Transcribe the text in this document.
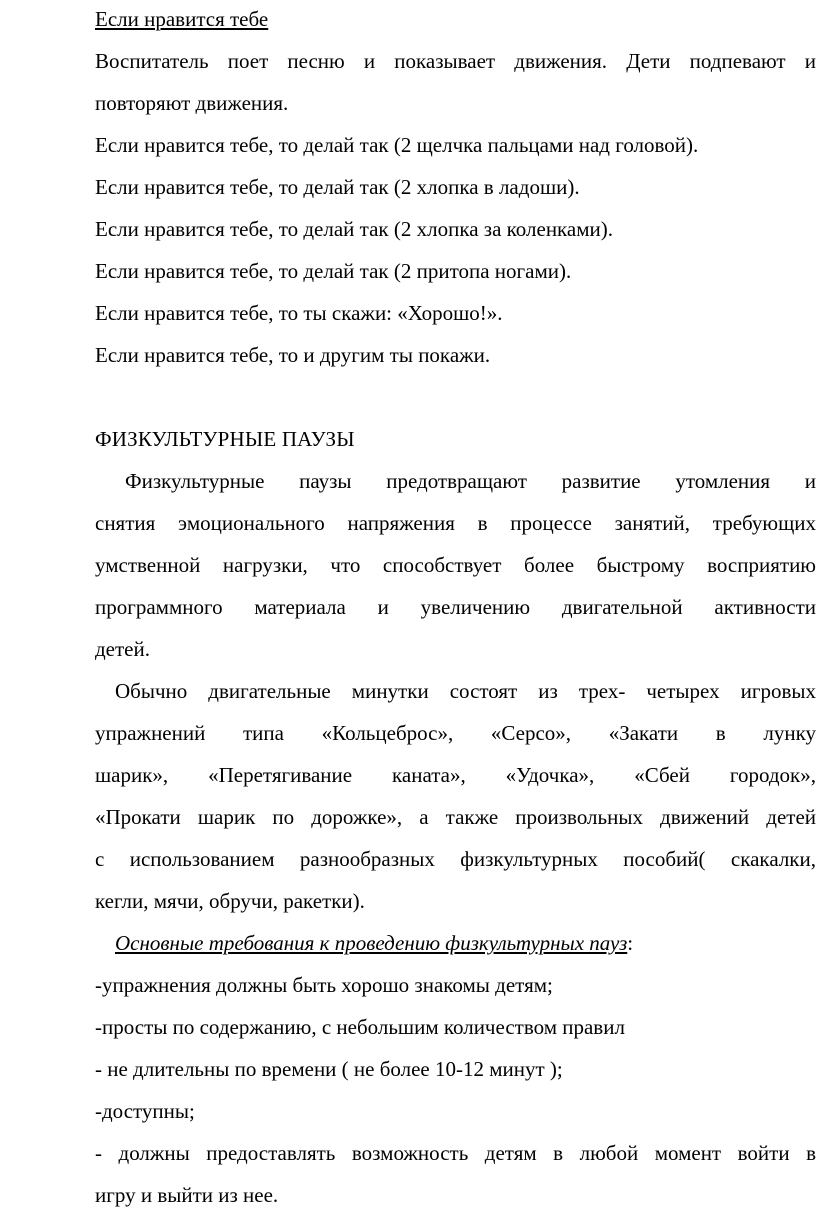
Если нравится тебе
Воспитатель поет песню и показывает движения. Дети подпевают и
повторяют движения.
Если нравится тебе, то делай так (2 щелчка пальцами над головой).
Если нравится тебе, то делай так (2 хлопка в ладоши).
Если нравится тебе, то делай так (2 хлопка за коленками).
Если нравится тебе, то делай так (2 притопа ногами).
Если нравится тебе, то ты скажи: «Хорошо!».
Если нравится тебе, то и другим ты покажи.
ФИЗКУЛЬТУРНЫЕ ПАУЗЫ
Физкультурные паузы предотвращают развитие утомления и
снятия эмоционального напряжения в процессе занятий, требующих
умственной нагрузки, что способствует более быстрому восприятию
программного материала и увеличению двигательной активности
детей.
Обычно двигательные минутки состоят из трех- четырех игровых
упражнений типа «Кольцеброс», «Серсо», «Закати в лунку
шарик», «Перетягивание каната», «Удочка», «Сбей городок»,
«Прокати шарик по дорожке», а также произвольных движений детей
с использованием разнообразных физкультурных пособий( скакалки,
кегли, мячи, обручи, ракетки).
Основные требования к проведению физкультурных пауз:
-упражнения должны быть хорошо знакомы детям;
-просты по содержанию, с небольшим количеством правил
- не длительны по времени ( не более 10-12 минут );
-доступны;
- должны предоставлять возможность детям в любой момент войти в
игру и выйти из нее.
